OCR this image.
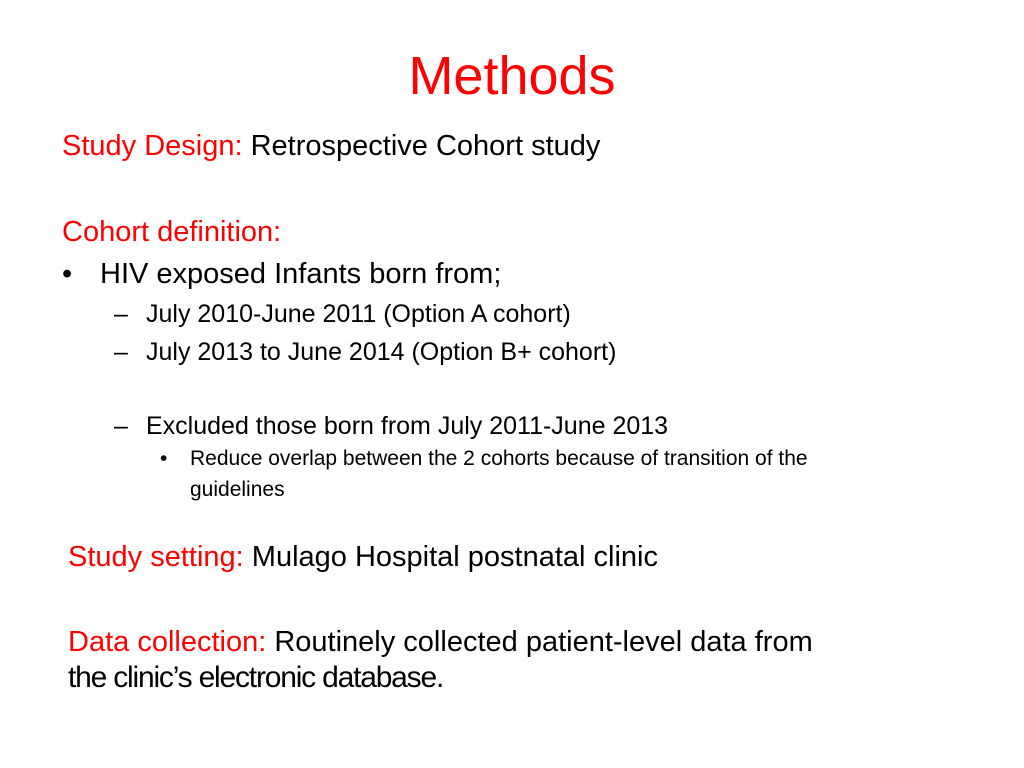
Methods
Study Design: Retrospective Cohort study
Cohort definition:
• HIV exposed Infants born from;
– July 2010-June 2011 (Option A cohort)
– July 2013 to June 2014 (Option B+ cohort)
– Excluded those born from July 2011-June 2013
• Reduce overlap between the 2 cohorts because of transition of the
guidelines
Study setting: Mulago Hospital postnatal clinic
Data collection: Routinely collected patient-level data from
the clinic’s electronic database.
